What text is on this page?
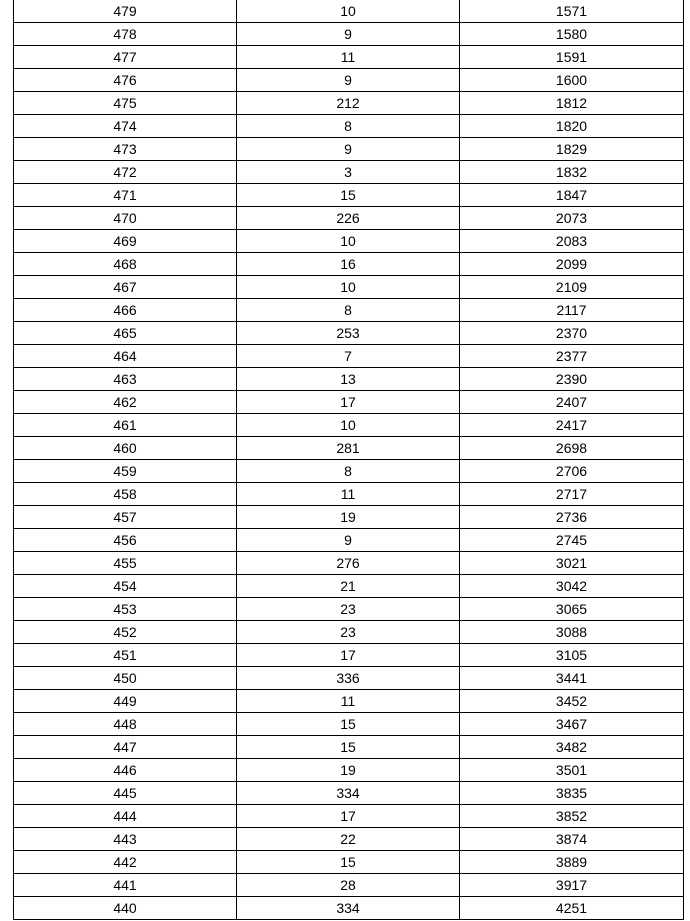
479	10	1571
478	9	1580
477	11	1591
476	9	1600
475	212	1812
474	8	1820
473	9	1829
472	3	1832
471	15	1847
470	226	2073
469	10	2083
468	16	2099
467	10	2109
466	8	2117
465	253	2370
464	7	2377
463	13	2390
462	17	2407
461	10	2417
460	281	2698
459	8	2706
458	11	2717
457	19	2736
456	9	2745
455	276	3021
454	21	3042
453	23	3065
452	23	3088
451	17	3105
450	336	3441
449	11	3452
448	15	3467
447	15	3482
446	19	3501
445	334	3835
444	17	3852
443	22	3874
442	15	3889
441	28	3917
440	334	4251
